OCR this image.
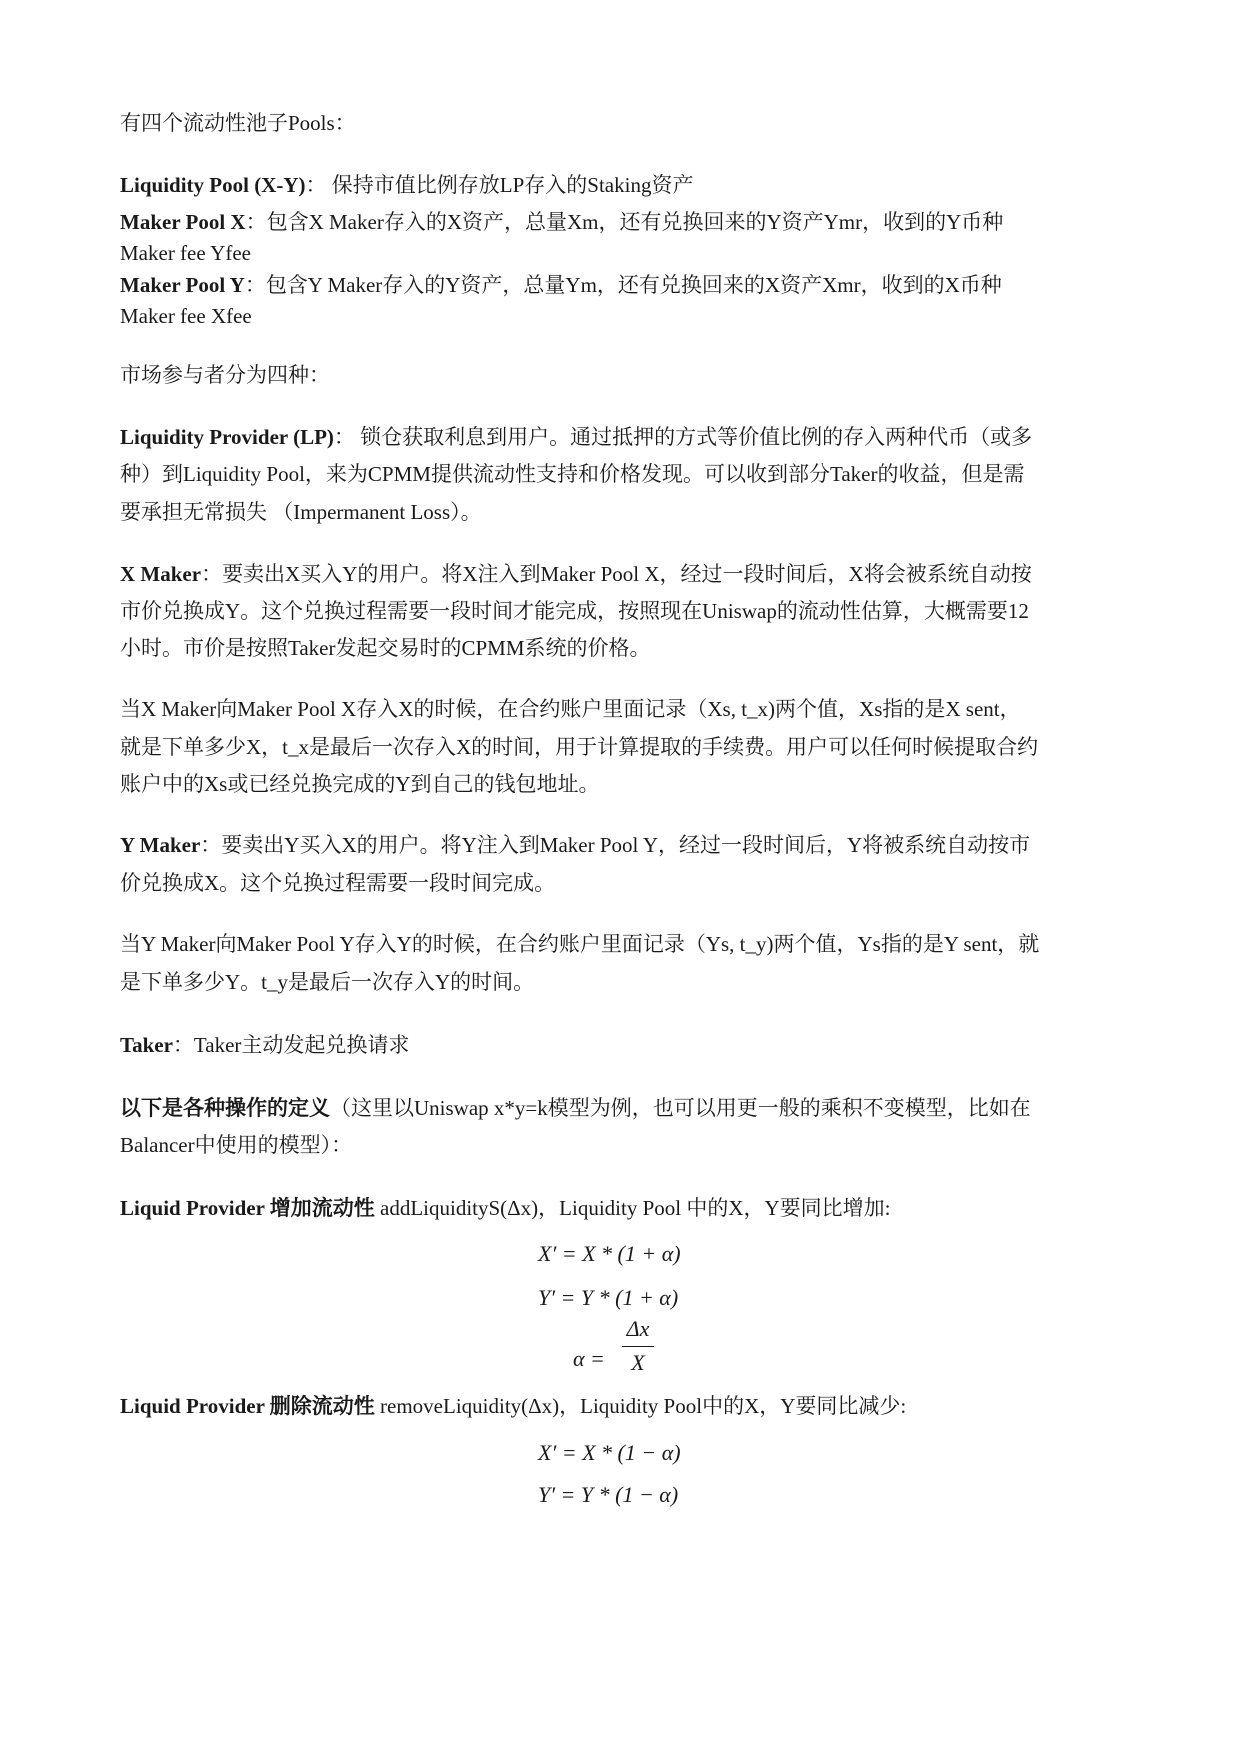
有四个流动性池子Pools：
Liquidity Pool (X-Y)： 保持市值比例存放LP存入的Staking资产
Maker Pool X：包含X Maker存入的X资产，总量Xm，还有兑换回来的Y资产Ymr，收到的Y币种
Maker fee Yfee
Maker Pool Y：包含Y Maker存入的Y资产，总量Ym，还有兑换回来的X资产Xmr，收到的X币种
Maker fee Xfee
市场参与者分为四种：
Liquidity Provider (LP)： 锁仓获取利息到用户。通过抵押的方式等价值比例的存入两种代币（或多
种）到Liquidity Pool，来为CPMM提供流动性支持和价格发现。可以收到部分Taker的收益，但是需
要承担无常损失 （Impermanent Loss）。
X Maker：要卖出X买入Y的用户。将X注入到Maker Pool X，经过一段时间后，X将会被系统自动按
市价兑换成Y。这个兑换过程需要一段时间才能完成，按照现在Uniswap的流动性估算，大概需要12
小时。市价是按照Taker发起交易时的CPMM系统的价格。
当X Maker向Maker Pool X存入X的时候，在合约账户里面记录（Xs, t_x)两个值，Xs指的是X sent，
就是下单多少X，t_x是最后一次存入X的时间，用于计算提取的手续费。用户可以任何时候提取合约
账户中的Xs或已经兑换完成的Y到自己的钱包地址。
Y Maker：要卖出Y买入X的用户。将Y注入到Maker Pool Y，经过一段时间后，Y将被系统自动按市
价兑换成X。这个兑换过程需要一段时间完成。
当Y Maker向Maker Pool Y存入Y的时候，在合约账户里面记录（Ys, t_y)两个值，Ys指的是Y sent，就
是下单多少Y。t_y是最后一次存入Y的时间。
Taker：Taker主动发起兑换请求
以下是各种操作的定义（这里以Uniswap x*y=k模型为例，也可以用更一般的乘积不变模型，比如在
Balancer中使用的模型）：
Liquid Provider 增加流动性 addLiquidityS(Δx)，Liquidity Pool 中的X，Y要同比增加:
X′ = X * (1 + α)
Y′ = Y * (1 + α)
α =
Δx
X
Liquid Provider 删除流动性 removeLiquidity(Δx)，Liquidity Pool中的X，Y要同比减少:
X′ = X * (1 − α)
Y′ = Y * (1 − α)
